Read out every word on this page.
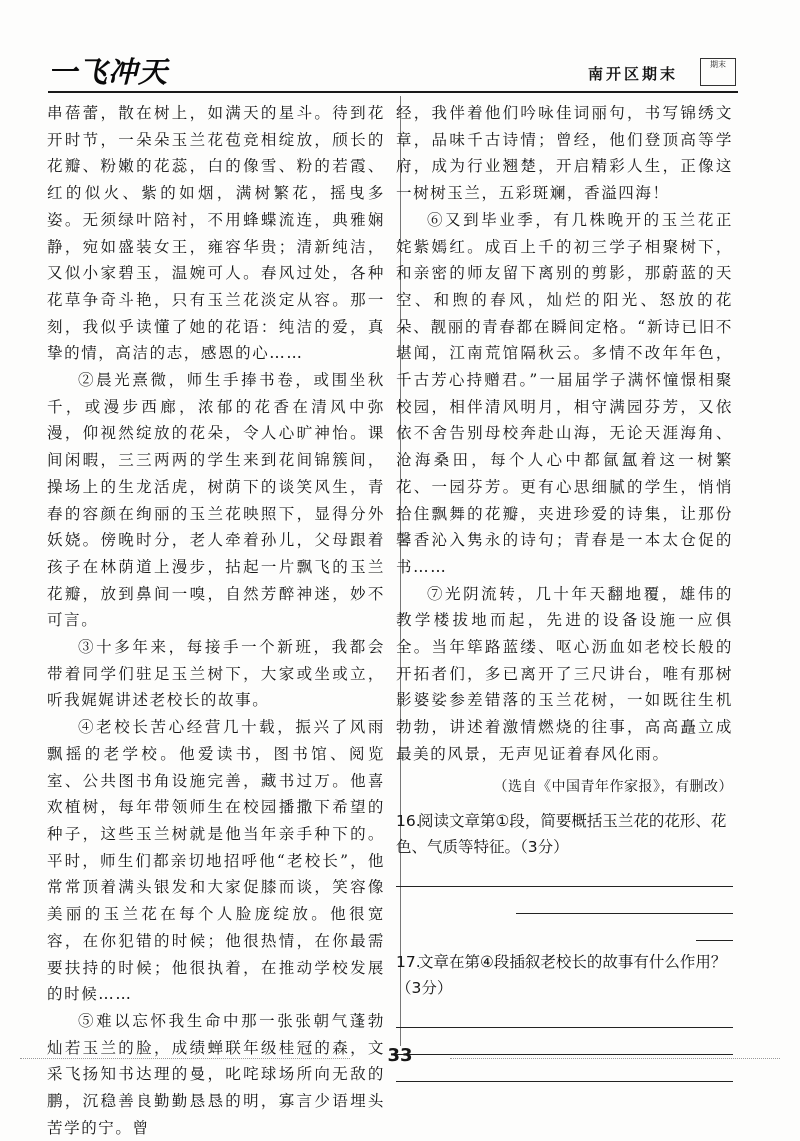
一飞冲天	南开区期末
期末

串蓓蕾，散在树上，如满天的星斗。待到花开时节，一朵朵玉兰花苞竞相绽放，颀长的花瓣、粉嫩的花蕊，白的像雪、粉的若霞、红的似火、紫的如烟，满树繁花，摇曳多姿。无须绿叶陪衬，不用蜂蝶流连，典雅娴静，宛如盛装女王，雍容华贵；清新纯洁，又似小家碧玉，温婉可人。春风过处，各种花草争奇斗艳，只有玉兰花淡定从容。那一刻，我似乎读懂了她的花语：纯洁的爱，真挚的情，高洁的志，感恩的心……

②晨光熹微，师生手捧书卷，或围坐秋千，或漫步西廊，浓郁的花香在清风中弥漫，仰视然绽放的花朵，令人心旷神怡。课间闲暇，三三两两的学生来到花间锦簇间，操场上的生龙活虎，树荫下的谈笑风生，青春的容颜在绚丽的玉兰花映照下，显得分外妖娆。傍晚时分，老人牵着孙儿，父母跟着孩子在林荫道上漫步，拈起一片飘飞的玉兰花瓣，放到鼻间一嗅，自然芳醉神迷，妙不可言。

③十多年来，每接手一个新班，我都会带着同学们驻足玉兰树下，大家或坐或立，听我娓娓讲述老校长的故事。

④老校长苦心经营几十载，振兴了风雨飘摇的老学校。他爱读书，图书馆、阅览室、公共图书角设施完善，藏书过万。他喜欢植树，每年带领师生在校园播撒下希望的种子，这些玉兰树就是他当年亲手种下的。平时，师生们都亲切地招呼他“老校长”，他常常顶着满头银发和大家促膝而谈，笑容像美丽的玉兰花在每个人脸庞绽放。他很宽容，在你犯错的时候；他很热情，在你最需要扶持的时候；他很执着，在推动学校发展的时候……

⑤难以忘怀我生命中那一张张朝气蓬勃灿若玉兰的脸，成绩蝉联年级桂冠的森，文采飞扬知书达理的曼，叱咤球场所向无敌的鹏，沉稳善良勤勤恳恳的明，寡言少语埋头苦学的宁。曾

经，我伴着他们吟咏佳词丽句，书写锦绣文章，品味千古诗情；曾经，他们登顶高等学府，成为行业翘楚，开启精彩人生，正像这一树树玉兰，五彩斑斓，香溢四海！

⑥又到毕业季，有几株晚开的玉兰花正姹紫嫣红。成百上千的初三学子相聚树下，和亲密的师友留下离别的剪影，那蔚蓝的天空、和煦的春风，灿烂的阳光、怒放的花朵、靓丽的青春都在瞬间定格。“新诗已旧不堪闻，江南荒馆隔秋云。多情不改年年色，千古芳心持赠君。”一届届学子满怀憧憬相聚校园，相伴清风明月，相守满园芬芳，又依依不舍告别母校奔赴山海，无论天涯海角、沧海桑田，每个人心中都氤氲着这一树繁花、一园芬芳。更有心思细腻的学生，悄悄拾住飘舞的花瓣，夹进珍爱的诗集，让那份馨香沁入隽永的诗句；青春是一本太仓促的书……

⑦光阴流转，几十年天翻地覆，雄伟的教学楼拔地而起，先进的设备设施一应俱全。当年筚路蓝缕、呕心沥血如老校长般的开拓者们，多已离开了三尺讲台，唯有那树影婆娑参差错落的玉兰花树，一如既往生机勃勃，讲述着激情燃烧的往事，高高矗立成最美的风景，无声见证着春风化雨。

（选自《中国青年作家报》，有删改）

16.阅读文章第①段，简要概括玉兰花的花形、花色、气质等特征。（3分）
17.文章在第④段插叙老校长的故事有什么作用？（3分）
33
